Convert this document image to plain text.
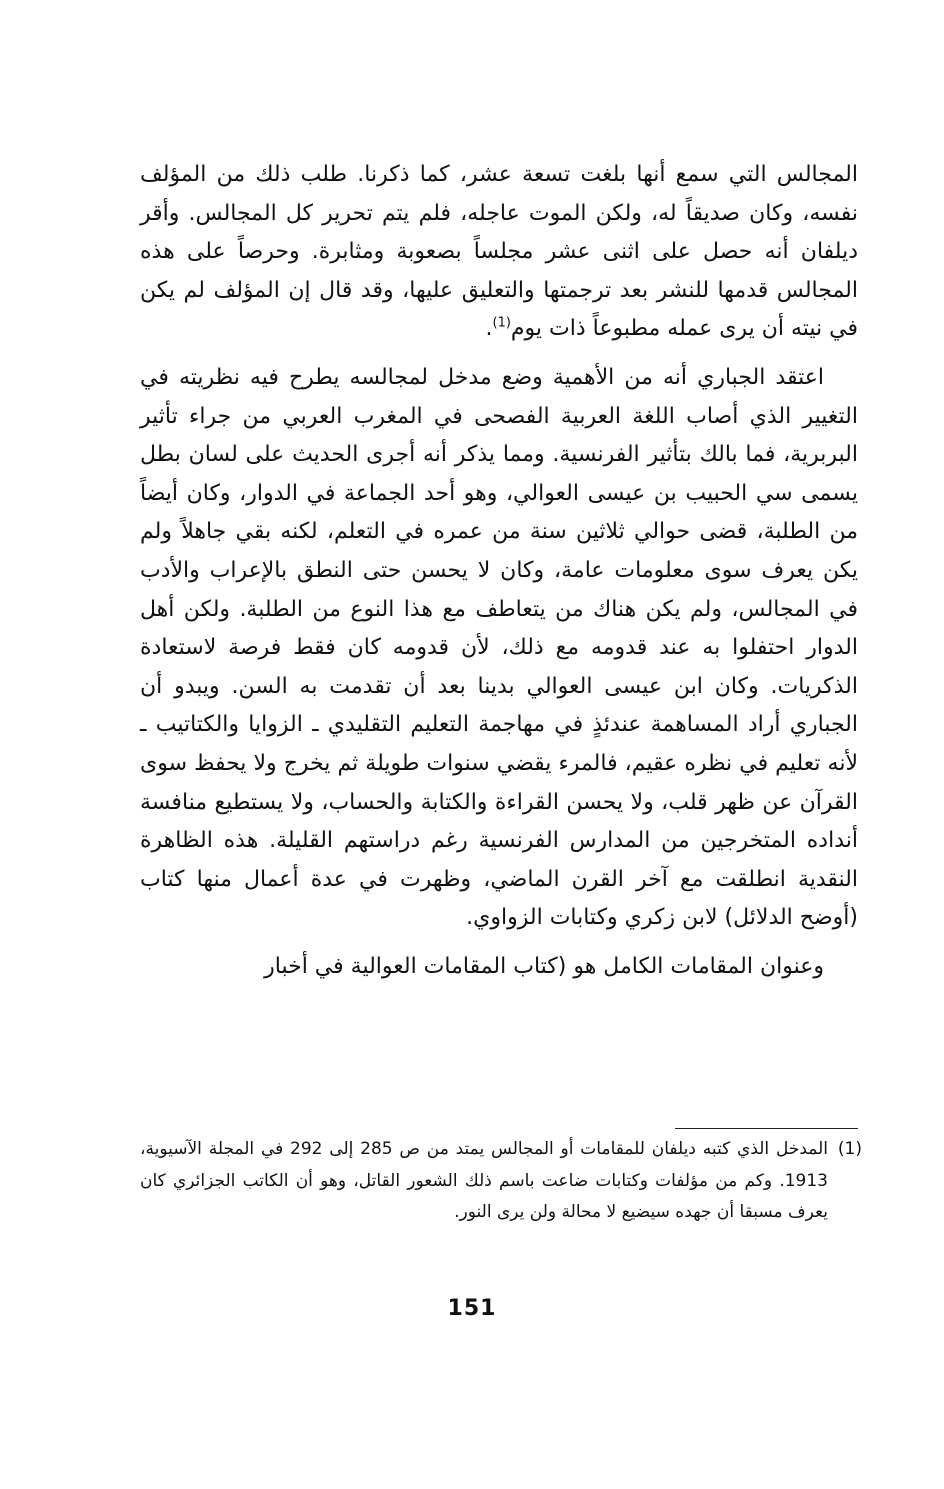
المجالس التي سمع أنها بلغت تسعة عشر، كما ذكرنا. طلب ذلك من المؤلف نفسه، وكان صديقاً له، ولكن الموت عاجله، فلم يتم تحرير كل المجالس. وأقر ديلفان أنه حصل على اثنى عشر مجلساً بصعوبة ومثابرة. وحرصاً على هذه المجالس قدمها للنشر بعد ترجمتها والتعليق عليها، وقد قال إن المؤلف لم يكن في نيته أن يرى عمله مطبوعاً ذات يوم$^{(1)}$.

اعتقد الجباري أنه من الأهمية وضع مدخل لمجالسه يطرح فيه نظريته في التغيير الذي أصاب اللغة العربية الفصحى في المغرب العربي من جراء تأثير البربرية، فما بالك بتأثير الفرنسية. ومما يذكر أنه أجرى الحديث على لسان بطل يسمى سي الحبيب بن عيسى العوالي، وهو أحد الجماعة في الدوار، وكان أيضاً من الطلبة، قضى حوالي ثلاثين سنة من عمره في التعلم، لكنه بقي جاهلاً ولم يكن يعرف سوى معلومات عامة، وكان لا يحسن حتى النطق بالإعراب والأدب في المجالس، ولم يكن هناك من يتعاطف مع هذا النوع من الطلبة. ولكن أهل الدوار احتفلوا به عند قدومه مع ذلك، لأن قدومه كان فقط فرصة لاستعادة الذكريات. وكان ابن عيسى العوالي بدينا بعد أن تقدمت به السن. ويبدو أن الجباري أراد المساهمة عندئذٍ في مهاجمة التعليم التقليدي ـ الزوايا والكتاتيب ـ لأنه تعليم في نظره عقيم، فالمرء يقضي سنوات طويلة ثم يخرج ولا يحفظ سوى القرآن عن ظهر قلب، ولا يحسن القراءة والكتابة والحساب، ولا يستطيع منافسة أنداده المتخرجين من المدارس الفرنسية رغم دراستهم القليلة. هذه الظاهرة النقدية انطلقت مع آخر القرن الماضي، وظهرت في عدة أعمال منها كتاب (أوضح الدلائل) لابن زكري وكتابات الزواوي.

وعنوان المقامات الكامل هو (كتاب المقامات العوالية في أخبار

(1)
المدخل الذي كتبه ديلفان للمقامات أو المجالس يمتد من ص 285 إلى 292 في المجلة الآسيوية، 1913. وكم من مؤلفات وكتابات ضاعت باسم ذلك الشعور القاتل، وهو أن الكاتب الجزائري كان يعرف مسبقا أن جهده سيضيع لا محالة ولن يرى النور.
151
